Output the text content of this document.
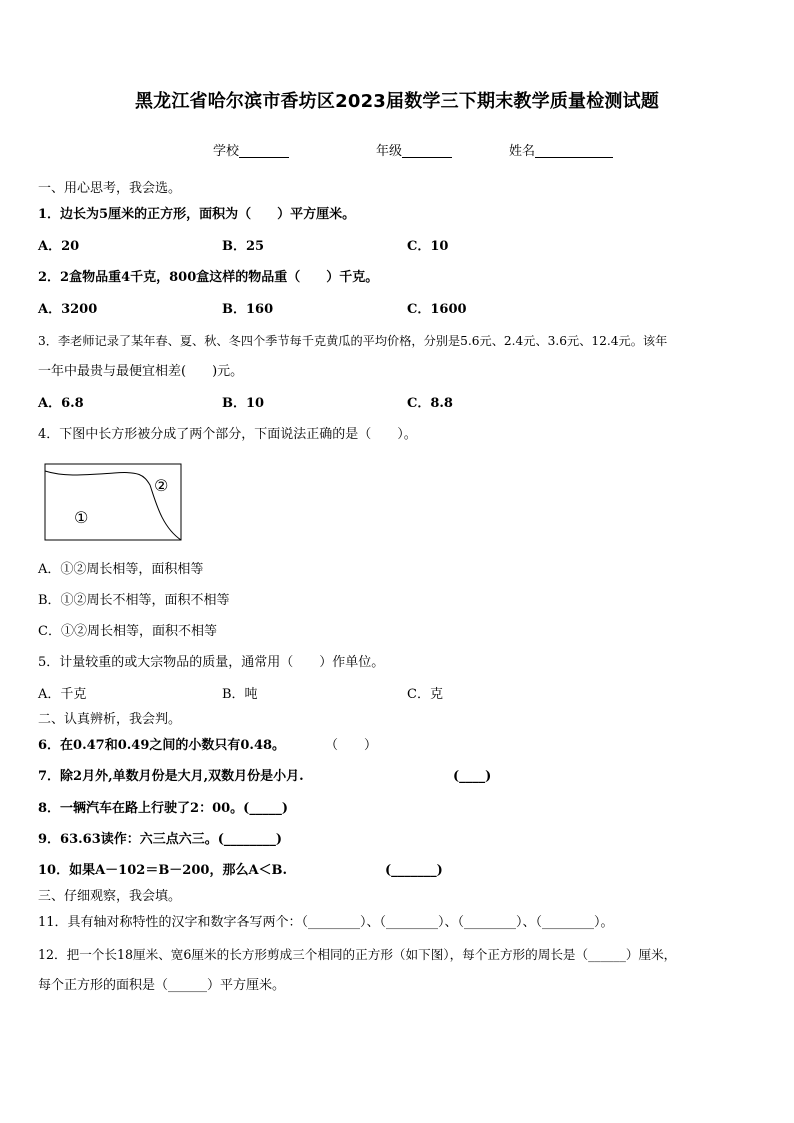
黑龙江省哈尔滨市香坊区2023届数学三下期末教学质量检测试题
学校	年级	姓名
一、用心思考，我会选。
1．边长为5厘米的正方形，面积为（　　）平方厘米。
A．20	B．25	C．10
2．2盒物品重4千克，800盒这样的物品重（　　）千克。
A．3200	B．160	C．1600
3．李老师记录了某年春、夏、秋、冬四个季节每千克黄瓜的平均价格，分别是5.6元、2.4元、3.6元、12.4元。该年
一年中最贵与最便宜相差(　　)元。
A．6.8	B．10	C．8.8
4．下图中长方形被分成了两个部分，下面说法正确的是（　　）。
①
②
A．①②周长相等，面积相等
B．①②周长不相等，面积不相等
C．①②周长相等，面积不相等
5．计量较重的或大宗物品的质量，通常用（　　）作单位。
A．千克	B．吨	C．克
二、认真辨析，我会判。
6．在0.47和0.49之间的小数只有0.48。	（　　）
7．除2月外,单数月份是大月,双数月份是小月.	(____)
8．一辆汽车在路上行驶了2：00。(_____)
9．63.63读作：六三点六三。(________)
10．如果A－102＝B－200，那么A＜B.	(_______)
三、仔细观察，我会填。
11．具有轴对称特性的汉字和数字各写两个：（________）、（________）、（________）、（________）。
12．把一个长18厘米、宽6厘米的长方形剪成三个相同的正方形（如下图），每个正方形的周长是（______）厘米，
每个正方形的面积是（______）平方厘米。
